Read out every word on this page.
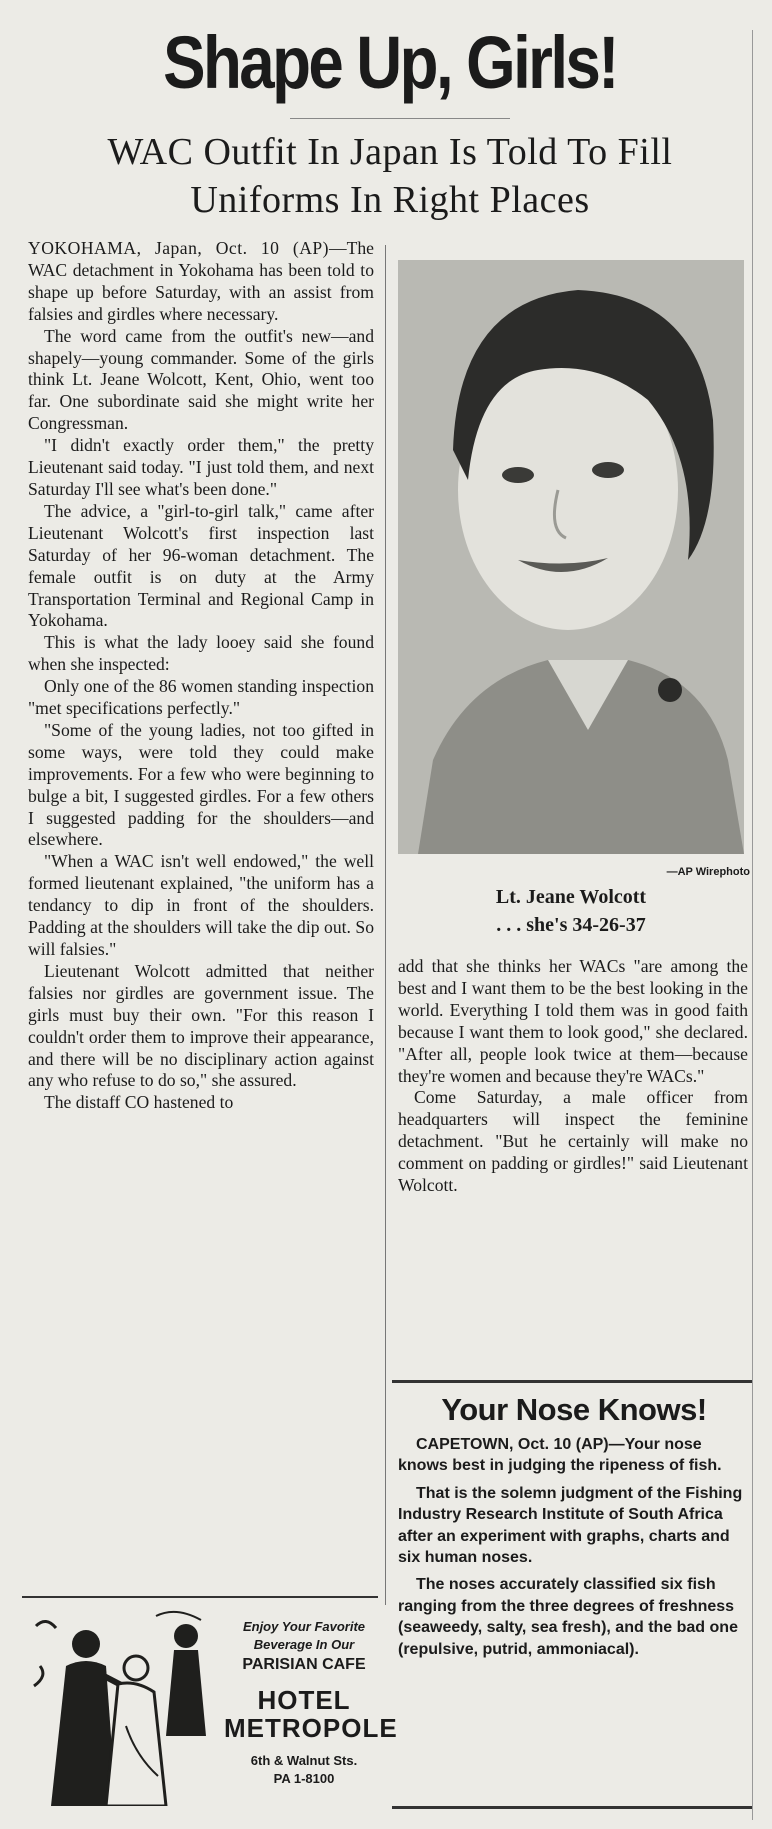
Shape Up, Girls!
WAC Outfit In Japan Is Told To Fill
Uniforms In Right Places

YOKOHAMA, Japan, Oct. 10 (AP)—The WAC detachment in Yokohama has been told to shape up before Saturday, with an assist from falsies and girdles where necessary.

The word came from the outfit's new—and shapely—young commander. Some of the girls think Lt. Jeane Wolcott, Kent, Ohio, went too far. One subordinate said she might write her Congressman.

"I didn't exactly order them," the pretty Lieutenant said today. "I just told them, and next Saturday I'll see what's been done."

The advice, a "girl-to-girl talk," came after Lieutenant Wolcott's first inspection last Saturday of her 96-woman detachment. The female outfit is on duty at the Army Transportation Terminal and Regional Camp in Yokohama.

This is what the lady looey said she found when she inspected:

Only one of the 86 women standing inspection "met specifications perfectly."

"Some of the young ladies, not too gifted in some ways, were told they could make improvements. For a few who were beginning to bulge a bit, I suggested girdles. For a few others I suggested padding for the shoulders—and elsewhere.

"When a WAC isn't well endowed," the well formed lieutenant explained, "the uniform has a tendancy to dip in front of the shoulders. Padding at the shoulders will take the dip out. So will falsies."

Lieutenant Wolcott admitted that neither falsies nor girdles are government issue. The girls must buy their own. "For this reason I couldn't order them to improve their appearance, and there will be no disciplinary action against any who refuse to do so," she assured.

The distaff CO hastened to

—AP Wirephoto
Lt. Jeane Wolcott
. . . she's 34-26-37

add that she thinks her WACs "are among the best and I want them to be the best looking in the world. Everything I told them was in good faith because I want them to look good," she declared. "After all, people look twice at them—because they're women and because they're WACs."

Come Saturday, a male officer from headquarters will inspect the feminine detachment. "But he certainly will make no comment on padding or girdles!" said Lieutenant Wolcott.

Your Nose Knows!

CAPETOWN, Oct. 10 (AP)—Your nose knows best in judging the ripeness of fish.

That is the solemn judgment of the Fishing Industry Research Institute of South Africa after an experiment with graphs, charts and six human noses.

The noses accurately classified six fish ranging from the three degrees of freshness (seaweedy, salty, sea fresh), and the bad one (repulsive, putrid, ammoniacal).

Enjoy Your Favorite
Beverage In Our
PARISIAN CAFE
HOTEL
METROPOLE
6th & Walnut Sts.
PA 1-8100
